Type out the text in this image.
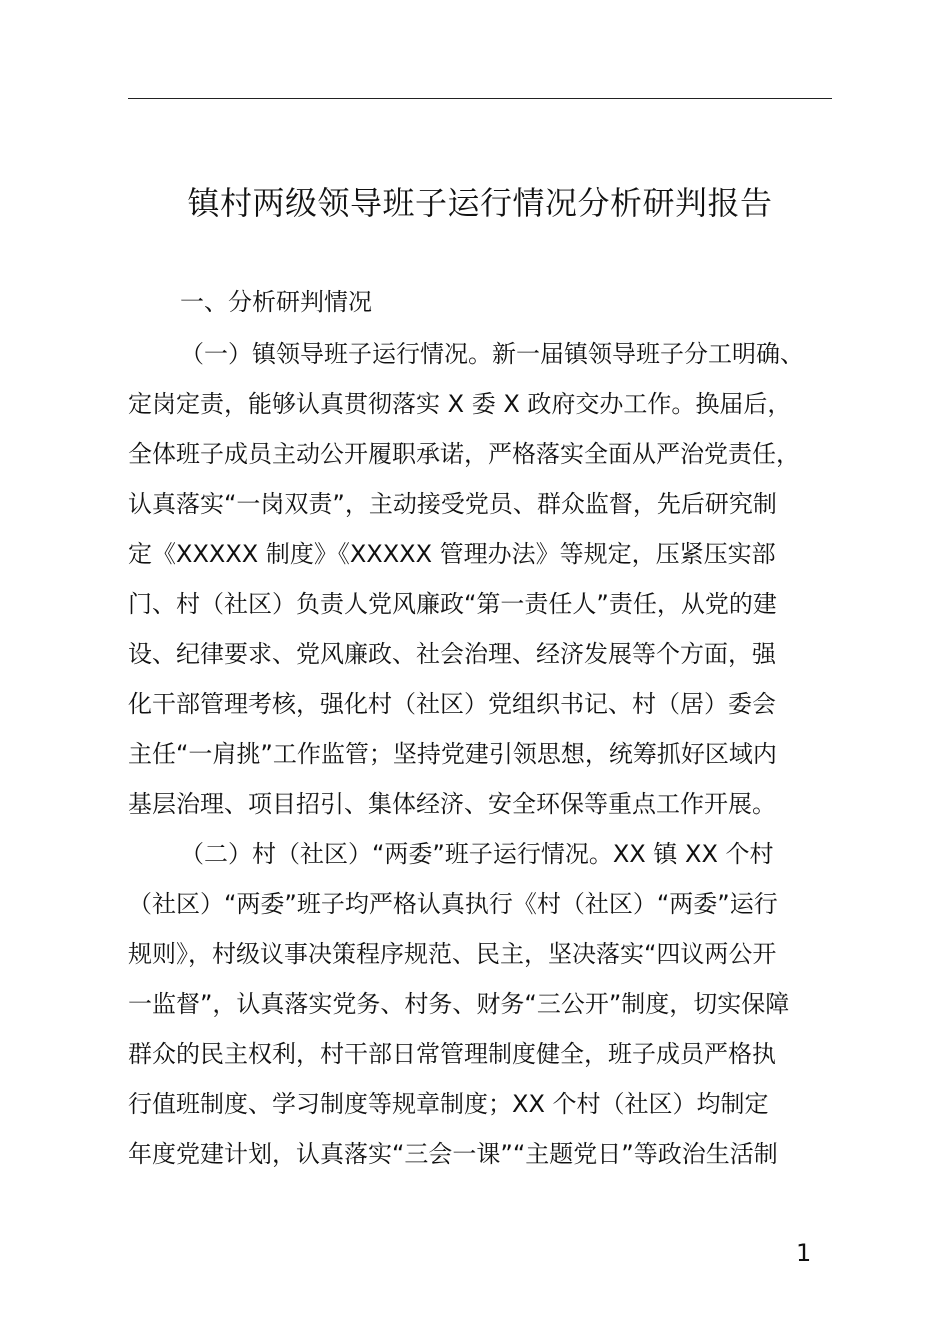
镇村两级领导班子运行情况分析研判报告
一、分析研判情况
（一）镇领导班子运行情况。新一届镇领导班子分工明确、
定岗定责，能够认真贯彻落实 X 委 X 政府交办工作。换届后，
全体班子成员主动公开履职承诺，严格落实全面从严治党责任，
认真落实“一岗双责”，主动接受党员、群众监督，先后研究制
定《XXXXX 制度》《XXXXX 管理办法》等规定，压紧压实部
门、村（社区）负责人党风廉政“第一责任人”责任，从党的建
设、纪律要求、党风廉政、社会治理、经济发展等个方面，强
化干部管理考核，强化村（社区）党组织书记、村（居）委会
主任“一肩挑”工作监管；坚持党建引领思想，统筹抓好区域内
基层治理、项目招引、集体经济、安全环保等重点工作开展。
（二）村（社区）“两委”班子运行情况。XX 镇 XX 个村
（社区）“两委”班子均严格认真执行《村（社区）“两委”运行
规则》，村级议事决策程序规范、民主，坚决落实“四议两公开
一监督”，认真落实党务、村务、财务“三公开”制度，切实保障
群众的民主权利，村干部日常管理制度健全，班子成员严格执
行值班制度、学习制度等规章制度；XX 个村（社区）均制定
年度党建计划，认真落实“三会一课”“主题党日”等政治生活制
1
